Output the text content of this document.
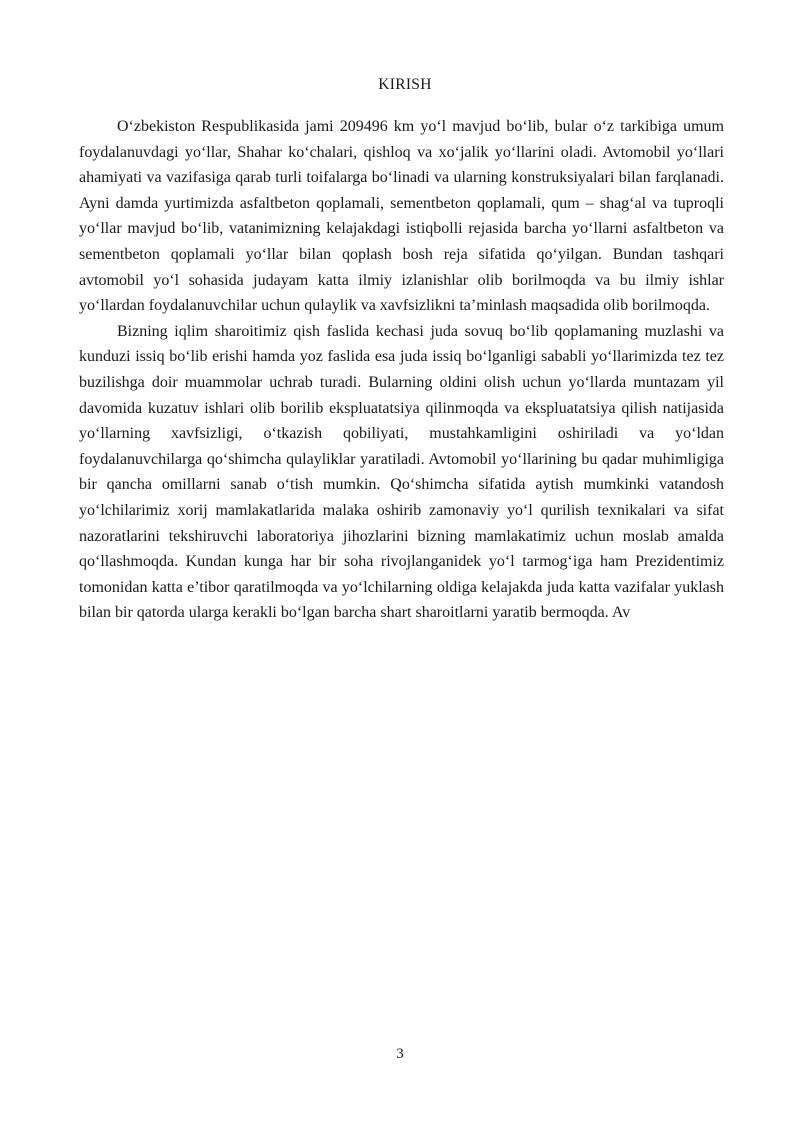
KIRISH

O‘zbekiston Respublikasida jami 209496 km yo‘l mavjud bo‘lib, bular o‘z tarkibiga umum foydalanuvdagi yo‘llar, Shahar ko‘chalari, qishloq va xo‘jalik yo‘llarini oladi. Avtomobil yo‘llari ahamiyati va vazifasiga qarab turli toifalarga bo‘linadi va ularning konstruksiyalari bilan farqlanadi. Ayni damda yurtimizda asfaltbeton qoplamali, sementbeton qoplamali, qum – shag‘al va tuproqli yo‘llar mavjud bo‘lib, vatanimizning kelajakdagi istiqbolli rejasida barcha yo‘llarni asfaltbeton va sementbeton qoplamali yo‘llar bilan qoplash bosh reja sifatida qo‘yilgan. Bundan tashqari avtomobil yo‘l sohasida judayam katta ilmiy izlanishlar olib borilmoqda va bu ilmiy ishlar yo‘llardan foydalanuvchilar uchun qulaylik va xavfsizlikni ta’minlash maqsadida olib borilmoqda.

Bizning iqlim sharoitimiz qish faslida kechasi juda sovuq bo‘lib qoplamaning muzlashi va kunduzi issiq bo‘lib erishi hamda yoz faslida esa juda issiq bo‘lganligi sababli yo‘llarimizda tez tez buzilishga doir muammolar uchrab turadi. Bularning oldini olish uchun yo‘llarda muntazam yil davomida kuzatuv ishlari olib borilib ekspluatatsiya qilinmoqda va ekspluatatsiya qilish natijasida yo‘llarning xavfsizligi, o‘tkazish qobiliyati, mustahkamligini oshiriladi va yo‘ldan foydalanuvchilarga qo‘shimcha qulayliklar yaratiladi. Avtomobil yo‘llarining bu qadar muhimligiga bir qancha omillarni sanab o‘tish mumkin. Qo‘shimcha sifatida aytish mumkinki vatandosh yo‘lchilarimiz xorij mamlakatlarida malaka oshirib zamonaviy yo‘l qurilish texnikalari va sifat nazoratlarini tekshiruvchi laboratoriya jihozlarini bizning mamlakatimiz uchun moslab amalda qo‘llashmoqda. Kundan kunga har bir soha rivojlanganidek yo‘l tarmog‘iga ham Prezidentimiz tomonidan katta e’tibor qaratilmoqda va yo‘lchilarning oldiga kelajakda juda katta vazifalar yuklash bilan bir qatorda ularga kerakli bo‘lgan barcha shart sharoitlarni yaratib bermoqda. Av

3
